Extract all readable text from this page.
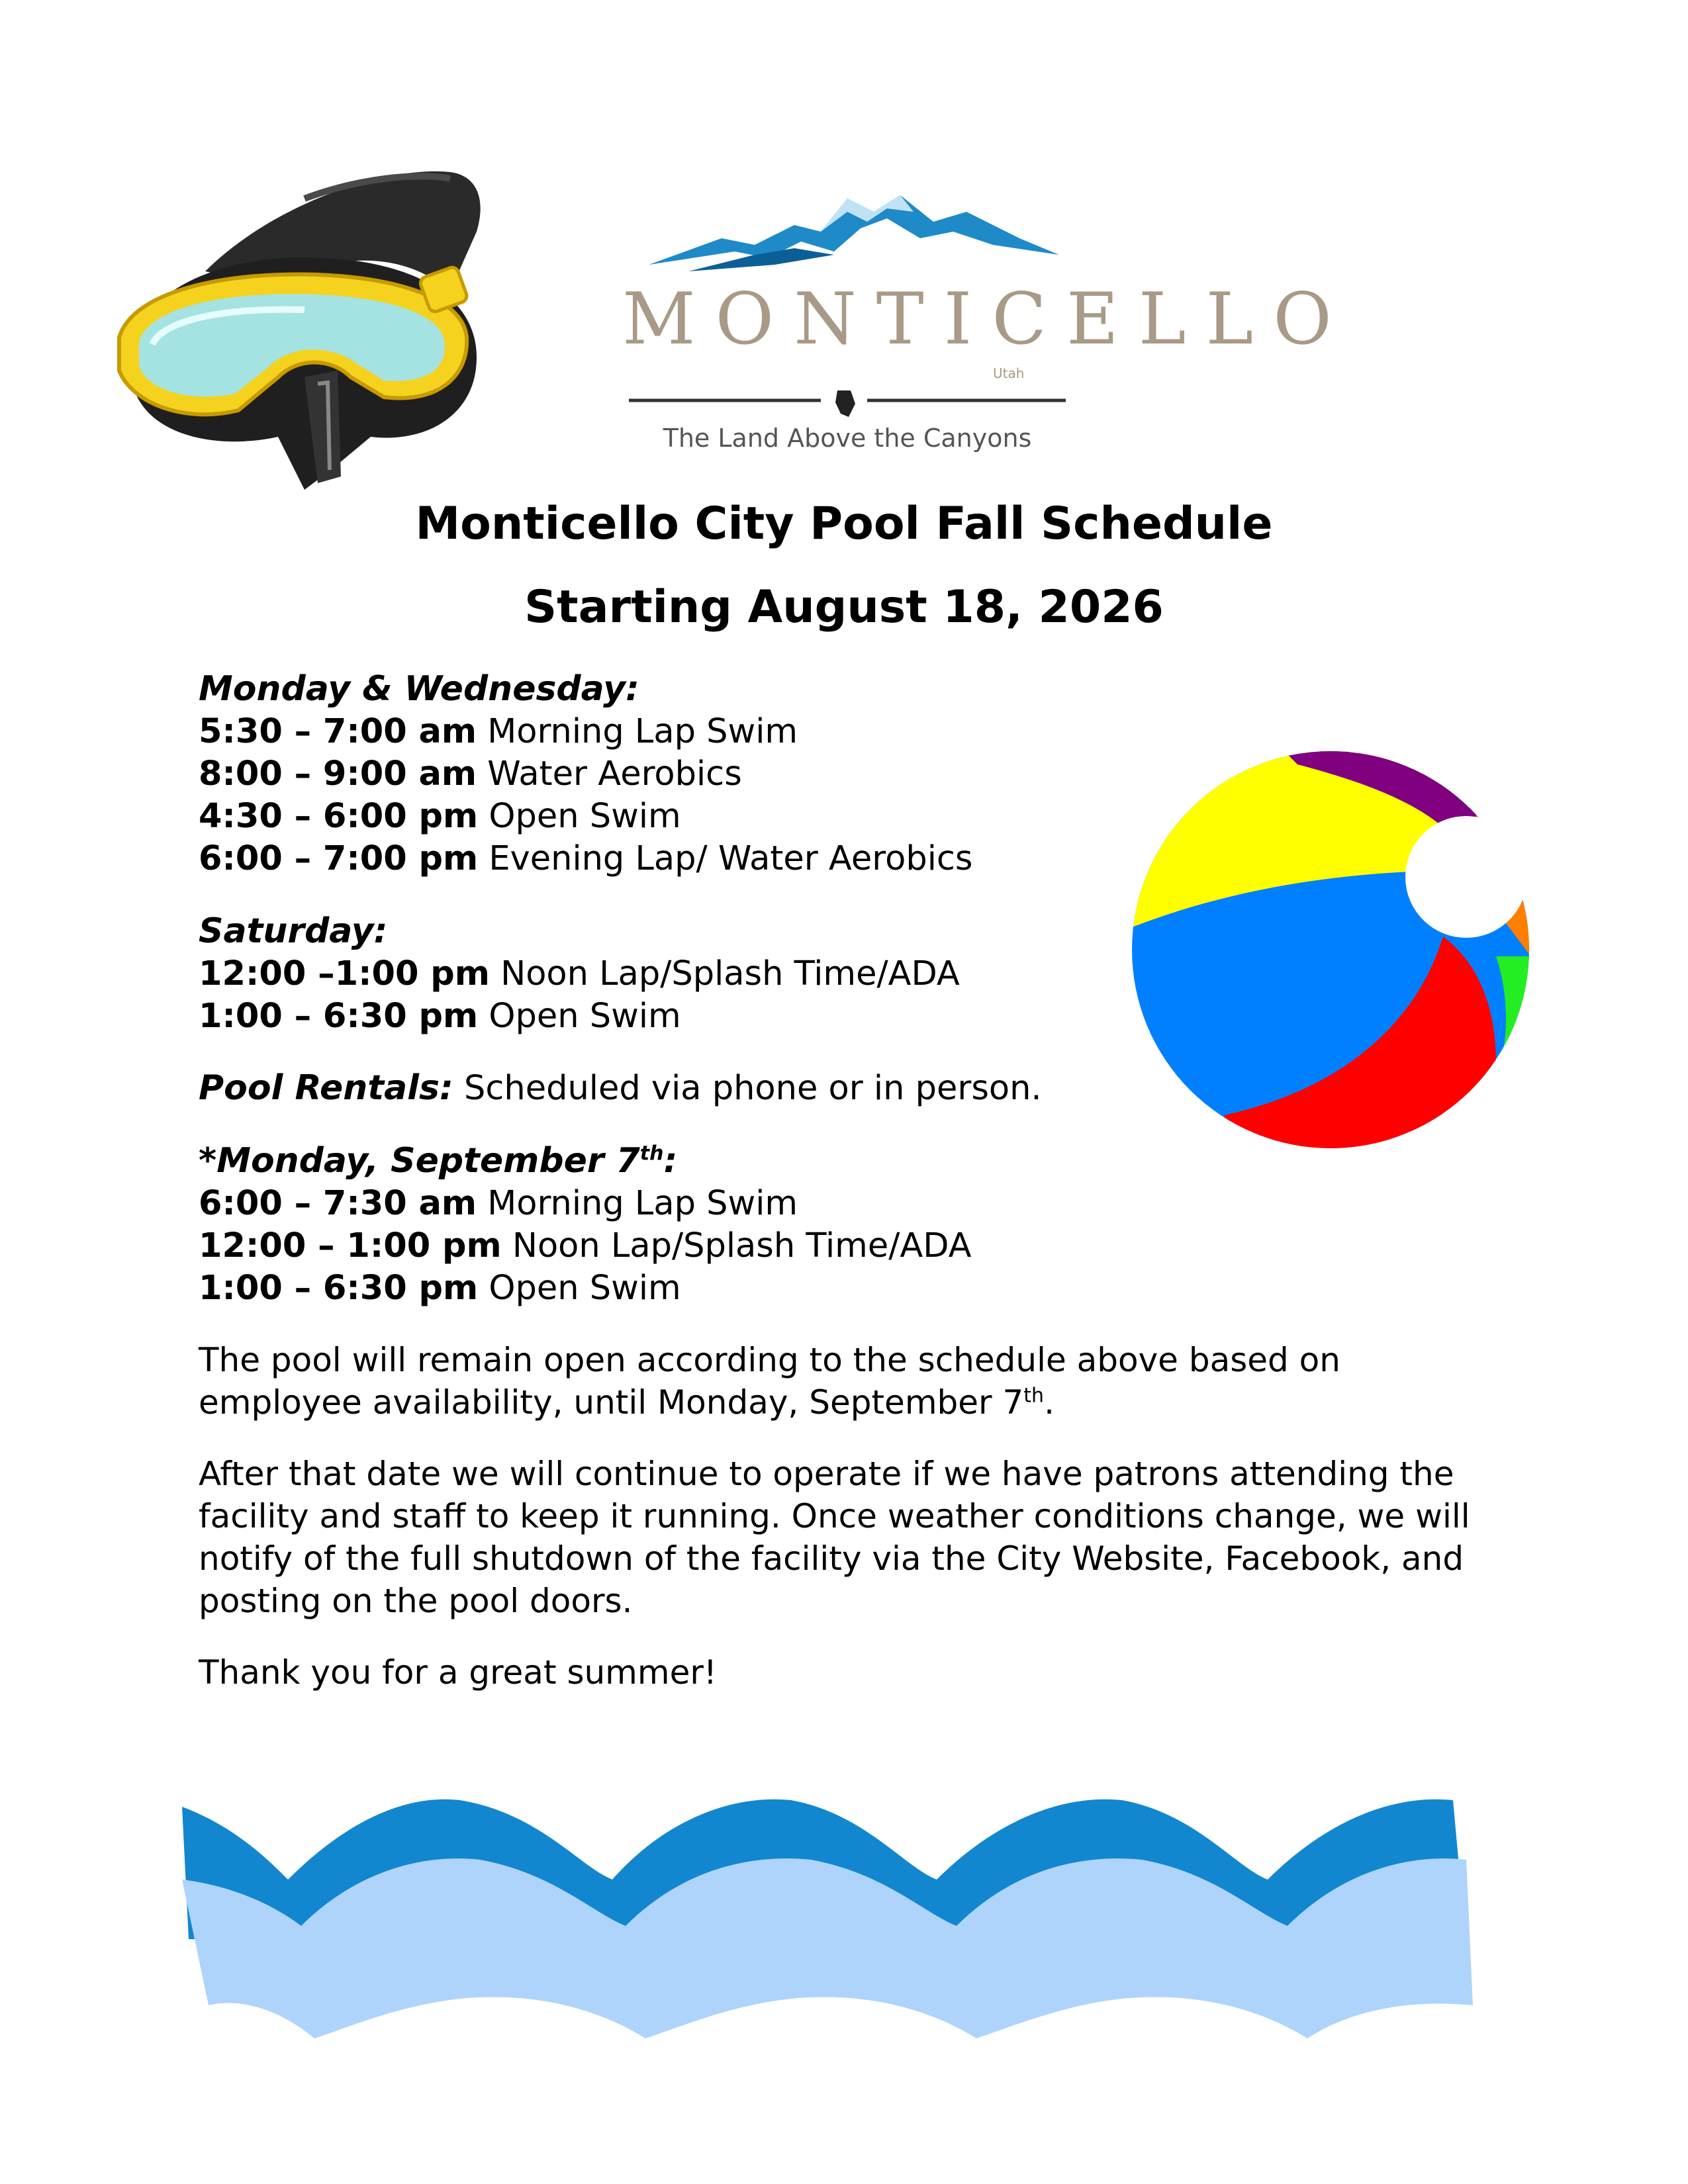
MONTICELLO
Utah
The Land Above the Canyons
Monticello City Pool Fall Schedule
Starting August 18, 2026
Monday & Wednesday:
5:30 – 7:00 am Morning Lap Swim
8:00 – 9:00 am Water Aerobics
4:30 – 6:00 pm Open Swim
6:00 – 7:00 pm Evening Lap/ Water Aerobics
Saturday:
12:00 –1:00 pm Noon Lap/Splash Time/ADA
1:00 – 6:30 pm Open Swim
Pool Rentals: Scheduled via phone or in person.
*Monday, September 7th:
6:00 – 7:30 am Morning Lap Swim
12:00 – 1:00 pm Noon Lap/Splash Time/ADA
1:00 – 6:30 pm Open Swim
The pool will remain open according to the schedule above based on employee availability, until Monday, September 7th.
After that date we will continue to operate if we have patrons attending the facility and staff to keep it running. Once weather conditions change, we will notify of the full shutdown of the facility via the City Website, Facebook, and posting on the pool doors.
Thank you for a great summer!
